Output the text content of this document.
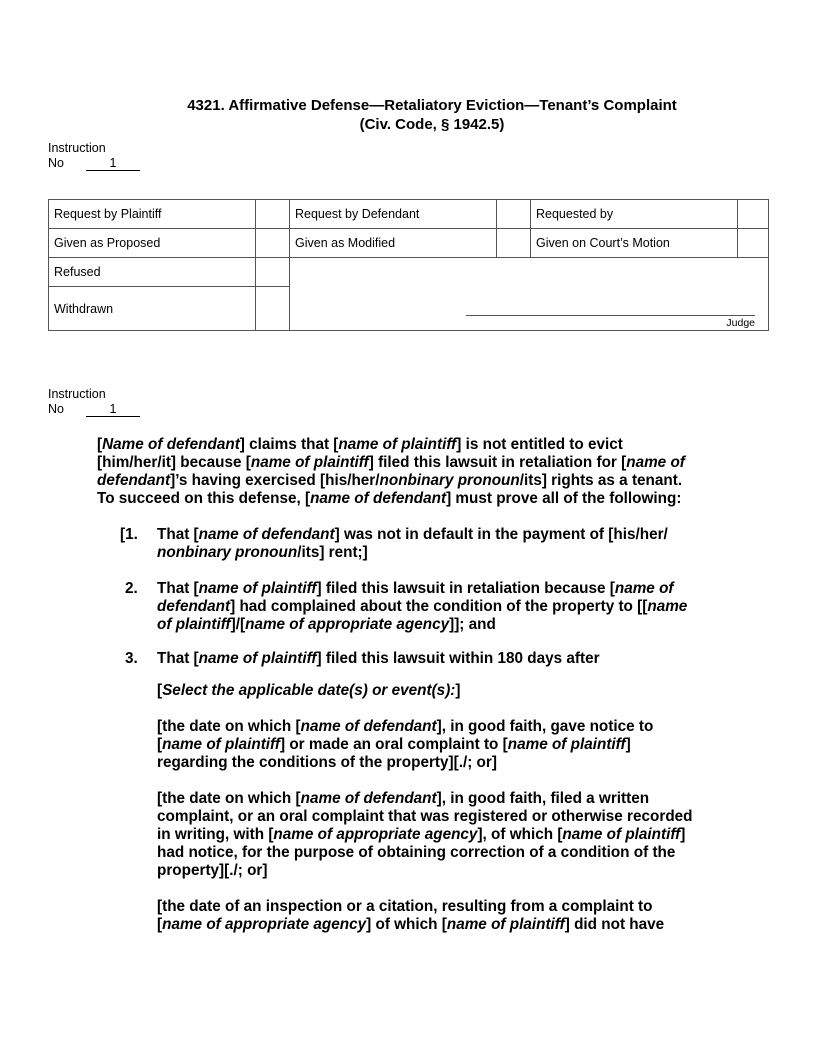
4321. Affirmative Defense—Retaliatory Eviction—Tenant’s Complaint
(Civ. Code, § 1942.5)
Instruction
No	1
Request by Plaintiff		Request by Defendant		Requested by	
Given as Proposed		Given as Modified		Given on Court’s Motion	
Refused		Judge			

Withdrawn					
Instruction
No	1
[Name of defendant] claims that [name of plaintiff] is not entitled to evict
[him/her/it] because [name of plaintiff] filed this lawsuit in retaliation for [name of
defendant]’s having exercised [his/her/nonbinary pronoun/its] rights as a tenant.
To succeed on this defense, [name of defendant] must prove all of the following:
[1. That [name of defendant] was not in default in the payment of [his/her/
nonbinary pronoun/its] rent;]
2. That [name of plaintiff] filed this lawsuit in retaliation because [name of
defendant] had complained about the condition of the property to [[name
of plaintiff]/[name of appropriate agency]]; and
3. That [name of plaintiff] filed this lawsuit within 180 days after
[Select the applicable date(s) or event(s):]
[the date on which [name of defendant], in good faith, gave notice to
[name of plaintiff] or made an oral complaint to [name of plaintiff]
regarding the conditions of the property][./; or]
[the date on which [name of defendant], in good faith, filed a written
complaint, or an oral complaint that was registered or otherwise recorded
in writing, with [name of appropriate agency], of which [name of plaintiff]
had notice, for the purpose of obtaining correction of a condition of the
property][./; or]
[the date of an inspection or a citation, resulting from a complaint to
[name of appropriate agency] of which [name of plaintiff] did not have
